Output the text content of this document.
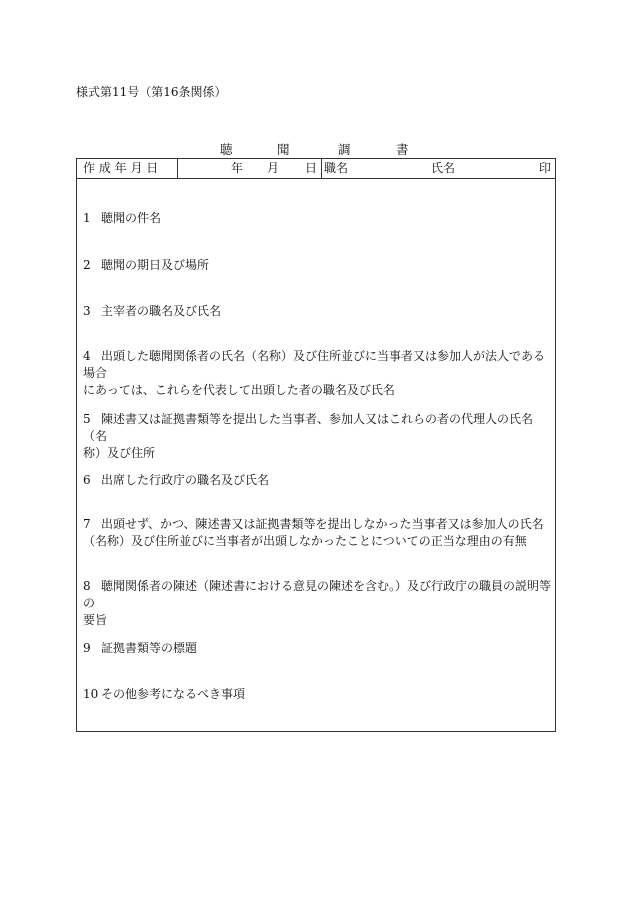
様式第11号（第16条関係）
聴	聞	調	書
作 成 年 月 日	年 月 日 職名	氏名	印
1 聴聞の件名
2 聴聞の期日及び場所
3 主宰者の職名及び氏名
4 出頭した聴聞関係者の氏名（名称）及び住所並びに当事者又は参加人が法人である場合
にあっては、これらを代表して出頭した者の職名及び氏名
5 陳述書又は証拠書類等を提出した当事者、参加人又はこれらの者の代理人の氏名（名
称）及び住所
6 出席した行政庁の職名及び氏名
7 出頭せず、かつ、陳述書又は証拠書類等を提出しなかった当事者又は参加人の氏名
（名称）及び住所並びに当事者が出頭しなかったことについての正当な理由の有無
8 聴聞関係者の陳述（陳述書における意見の陳述を含む。）及び行政庁の職員の説明等の
要旨
9 証拠書類等の標題
10 その他参考になるべき事項
